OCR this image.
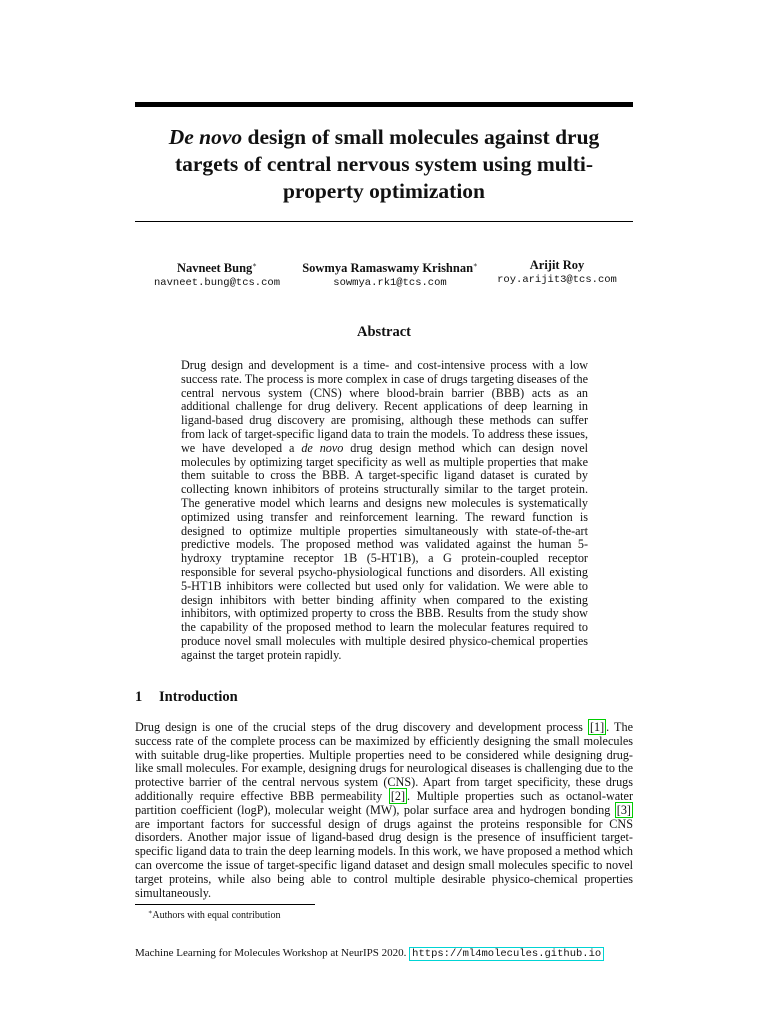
De novo design of small molecules against drug targets of central nervous system using multi-property optimization
Navneet Bung∗
navneet.bung@tcs.com
Sowmya Ramaswamy Krishnan∗
sowmya.rk1@tcs.com
Arijit Roy
roy.arijit3@tcs.com
Abstract
Drug design and development is a time- and cost-intensive process with a low success rate. The process is more complex in case of drugs targeting diseases of the central nervous system (CNS) where blood-brain barrier (BBB) acts as an additional challenge for drug delivery. Recent applications of deep learning in ligand-based drug discovery are promising, although these methods can suffer from lack of target-specific ligand data to train the models. To address these issues, we have developed a de novo drug design method which can design novel molecules by optimizing target specificity as well as multiple properties that make them suitable to cross the BBB. A target-specific ligand dataset is curated by collecting known inhibitors of proteins structurally similar to the target protein. The generative model which learns and designs new molecules is systematically optimized using transfer and reinforcement learning. The reward function is designed to optimize multiple properties simultaneously with state-of-the-art predictive models. The proposed method was validated against the human 5-hydroxy tryptamine receptor 1B (5-HT1B), a G protein-coupled receptor responsible for several psycho-physiological functions and disorders. All existing 5-HT1B inhibitors were collected but used only for validation. We were able to design inhibitors with better binding affinity when compared to the existing inhibitors, with optimized property to cross the BBB. Results from the study show the capability of the proposed method to learn the molecular features required to produce novel small molecules with multiple desired physico-chemical properties against the target protein rapidly.
1 Introduction
Drug design is one of the crucial steps of the drug discovery and development process [1] . The success rate of the complete process can be maximized by efficiently designing the small molecules with suitable drug-like properties. Multiple properties need to be considered while designing drug-like small molecules. For example, designing drugs for neurological diseases is challenging due to the protective barrier of the central nervous system (CNS). Apart from target specificity, these drugs additionally require effective BBB permeability [2] . Multiple properties such as octanol-water partition coefficient (logP), molecular weight (MW), polar surface area and hydrogen bonding [3] are important factors for successful design of drugs against the proteins responsible for CNS disorders. Another major issue of ligand-based drug design is the presence of insufficient target-specific ligand data to train the deep learning models. In this work, we have proposed a method which can overcome the issue of target-specific ligand dataset and design small molecules specific to novel target proteins, while also being able to control multiple desirable physico-chemical properties simultaneously.
∗Authors with equal contribution
Machine Learning for Molecules Workshop at NeurIPS 2020. https://ml4molecules.github.io
